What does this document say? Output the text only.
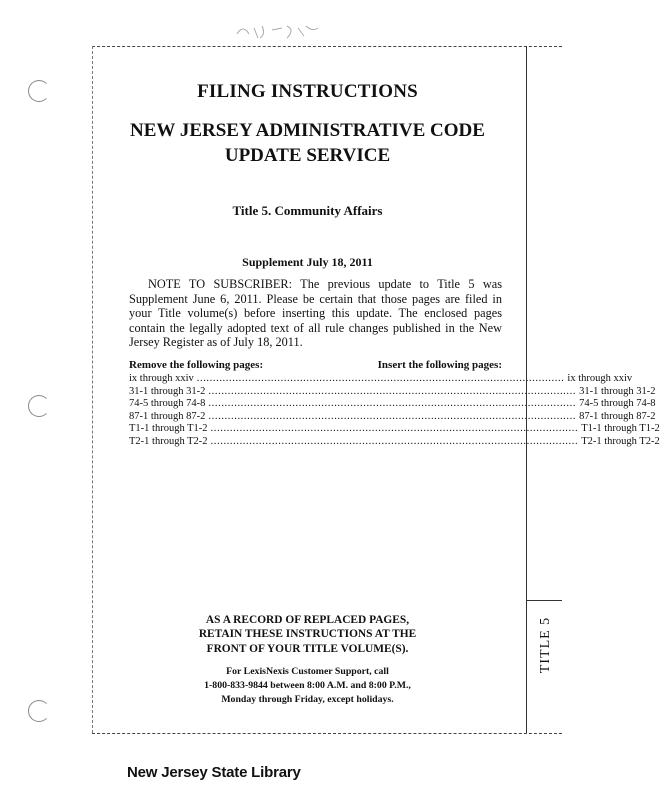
FILING INSTRUCTIONS
NEW JERSEY ADMINISTRATIVE CODE
UPDATE SERVICE
Title 5. Community Affairs
Supplement July 18, 2011
NOTE TO SUBSCRIBER: The previous update to Title 5 was Supplement June 6, 2011. Please be certain that those pages are filed in your Title volume(s) before inserting this update. The enclosed pages contain the legally adopted text of all rule changes published in the New Jersey Register as of July 18, 2011.
Remove the following pages:	Insert the following pages:
ix through xxiv .................................................................................................................. ix through xxiv
31-1 through 31-2 .................................................................................................................. 31-1 through 31-2
74-5 through 74-8 .................................................................................................................. 74-5 through 74-8
87-1 through 87-2 .................................................................................................................. 87-1 through 87-2
T1-1 through T1-2 .................................................................................................................. T1-1 through T1-2
T2-1 through T2-2 .................................................................................................................. T2-1 through T2-2
AS A RECORD OF REPLACED PAGES,
RETAIN THESE INSTRUCTIONS AT THE
FRONT OF YOUR TITLE VOLUME(S).
For LexisNexis Customer Support, call
1-800-833-9844 between 8:00 A.M. and 8:00 P.M.,
Monday through Friday, except holidays.
TITLE 5
New Jersey State Library
